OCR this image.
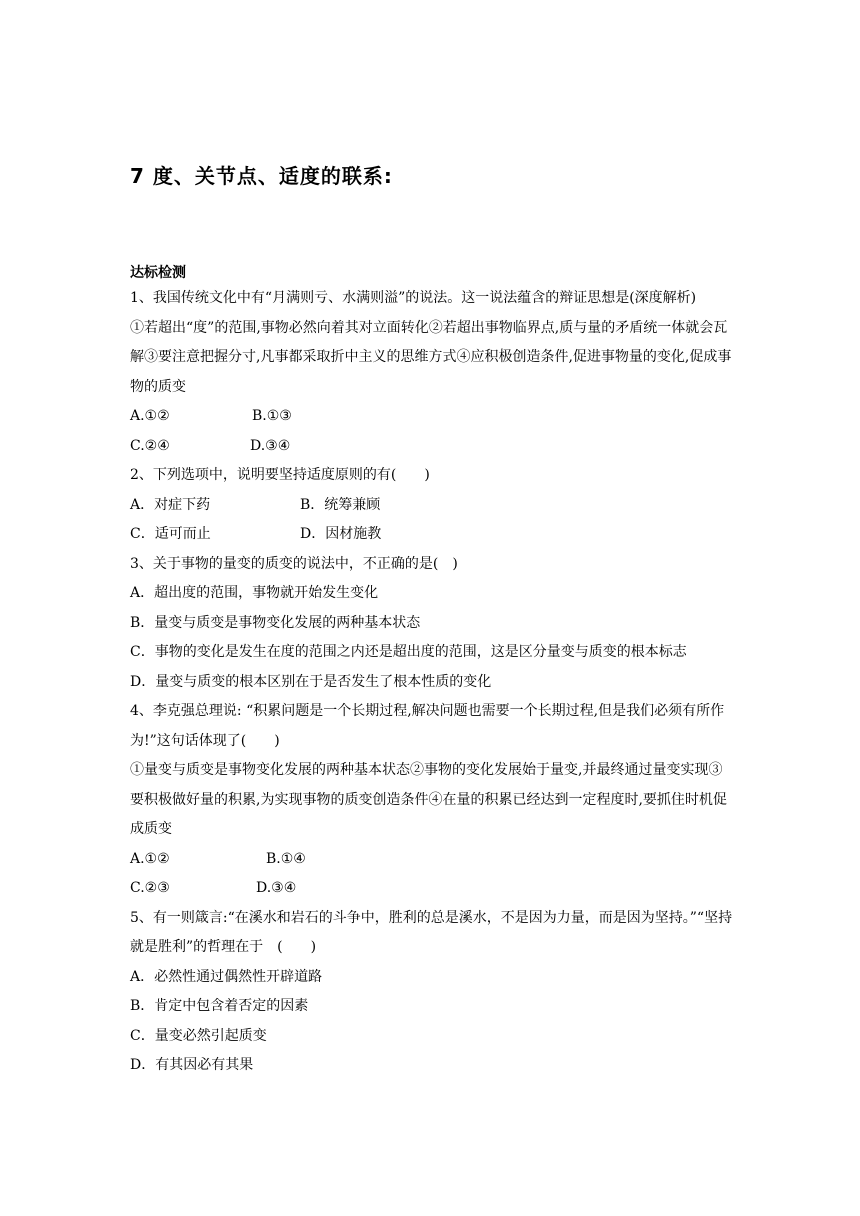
7 度、关节点、适度的联系:
达标检测

1、我国传统文化中有“月满则亏、水满则溢”的说法。这一说法蕴含的辩证思想是(深度解析)

①若超出“度”的范围,事物必然向着其对立面转化②若超出事物临界点,质与量的矛盾统一体就会瓦解③要注意把握分寸,凡事都采取折中主义的思维方式④应积极创造条件,促进事物量的变化,促成事物的质变

A.①②	B.①③
C.②④	D.③④

2、下列选项中，说明要坚持适度原则的有(　　)

A．对症下药	B．统筹兼顾
C．适可而止	D．因材施教

3、关于事物的量变的质变的说法中，不正确的是(　)

A．超出度的范围，事物就开始发生变化

B．量变与质变是事物变化发展的两种基本状态

C．事物的变化是发生在度的范围之内还是超出度的范围，这是区分量变与质变的根本标志

D．量变与质变的根本区别在于是否发生了根本性质的变化

4、李克强总理说: “积累问题是一个长期过程,解决问题也需要一个长期过程,但是我们必须有所作为!”这句话体现了(　　)

①量变与质变是事物变化发展的两种基本状态②事物的变化发展始于量变,并最终通过量变实现③要积极做好量的积累,为实现事物的质变创造条件④在量的积累已经达到一定程度时,要抓住时机促成质变

A.①②	B.①④
C.②③	D.③④

5、有一则箴言:“在溪水和岩石的斗争中，胜利的总是溪水，不是因为力量，而是因为坚持。”“坚持就是胜利”的哲理在于　(　　)

A．必然性通过偶然性开辟道路

B．肯定中包含着否定的因素

C．量变必然引起质变

D．有其因必有其果
